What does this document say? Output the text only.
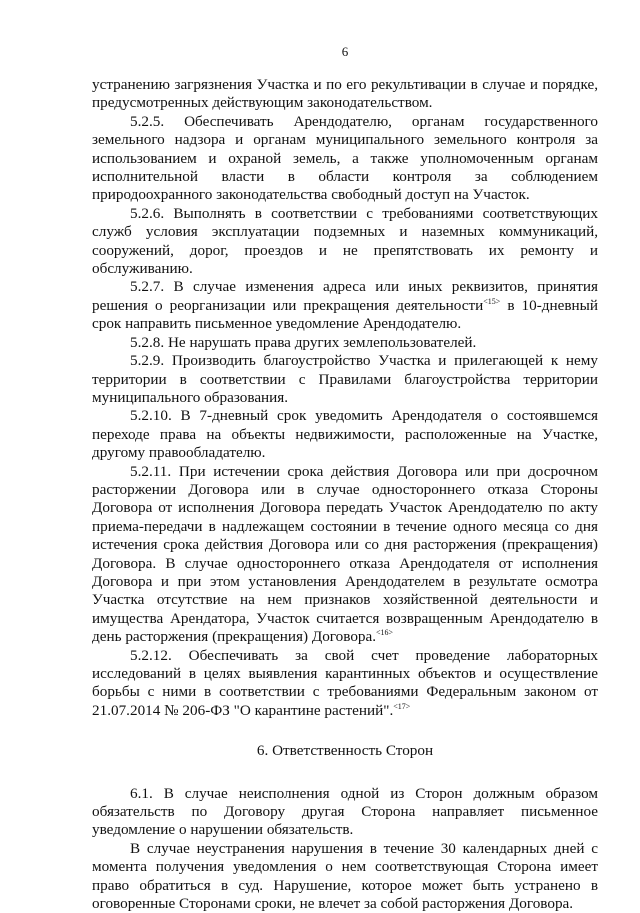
6

устранению загрязнения Участка и по его рекультивации в случае и порядке, предусмотренных действующим законодательством.

5.2.5. Обеспечивать Арендодателю, органам государственного земельного надзора и органам муниципального земельного контроля за использованием и охраной земель, а также уполномоченным органам исполнительной власти в области контроля за соблюдением природоохранного законодательства свободный доступ на Участок.

5.2.6. Выполнять в соответствии с требованиями соответствующих служб условия эксплуатации подземных и наземных коммуникаций, сооружений, дорог, проездов и не препятствовать их ремонту и обслуживанию.

5.2.7. В случае изменения адреса или иных реквизитов, принятия решения о реорганизации или прекращения деятельности$^{<15>}$ в 10-дневный срок направить письменное уведомление Арендодателю.

5.2.8. Не нарушать права других землепользователей.

5.2.9. Производить благоустройство Участка и прилегающей к нему территории в соответствии с Правилами благоустройства территории муниципального образования.

5.2.10. В 7-дневный срок уведомить Арендодателя о состоявшемся переходе права на объекты недвижимости, расположенные на Участке, другому правообладателю.

5.2.11. При истечении срока действия Договора или при досрочном расторжении Договора или в случае одностороннего отказа Стороны Договора от исполнения Договора передать Участок Арендодателю по акту приема-передачи в надлежащем состоянии в течение одного месяца со дня истечения срока действия Договора или со дня расторжения (прекращения) Договора. В случае одностороннего отказа Арендодателя от исполнения Договора и при этом установления Арендодателем в результате осмотра Участка отсутствие на нем признаков хозяйственной деятельности и имущества Арендатора, Участок считается возвращенным Арендодателю в день расторжения (прекращения) Договора.$^{<16>}$

5.2.12. Обеспечивать за свой счет проведение лабораторных исследований в целях выявления карантинных объектов и осуществление борьбы с ними в соответствии с требованиями Федеральным законом от 21.07.2014 № 206-ФЗ "О карантине растений".$^{<17>}$

6. Ответственность Сторон

6.1. В случае неисполнения одной из Сторон должным образом обязательств по Договору другая Сторона направляет письменное уведомление о нарушении обязательств.

В случае неустранения нарушения в течение 30 календарных дней с момента получения уведомления о нем соответствующая Сторона имеет право обратиться в суд. Нарушение, которое может быть устранено в оговоренные Сторонами сроки, не влечет за собой расторжения Договора.
